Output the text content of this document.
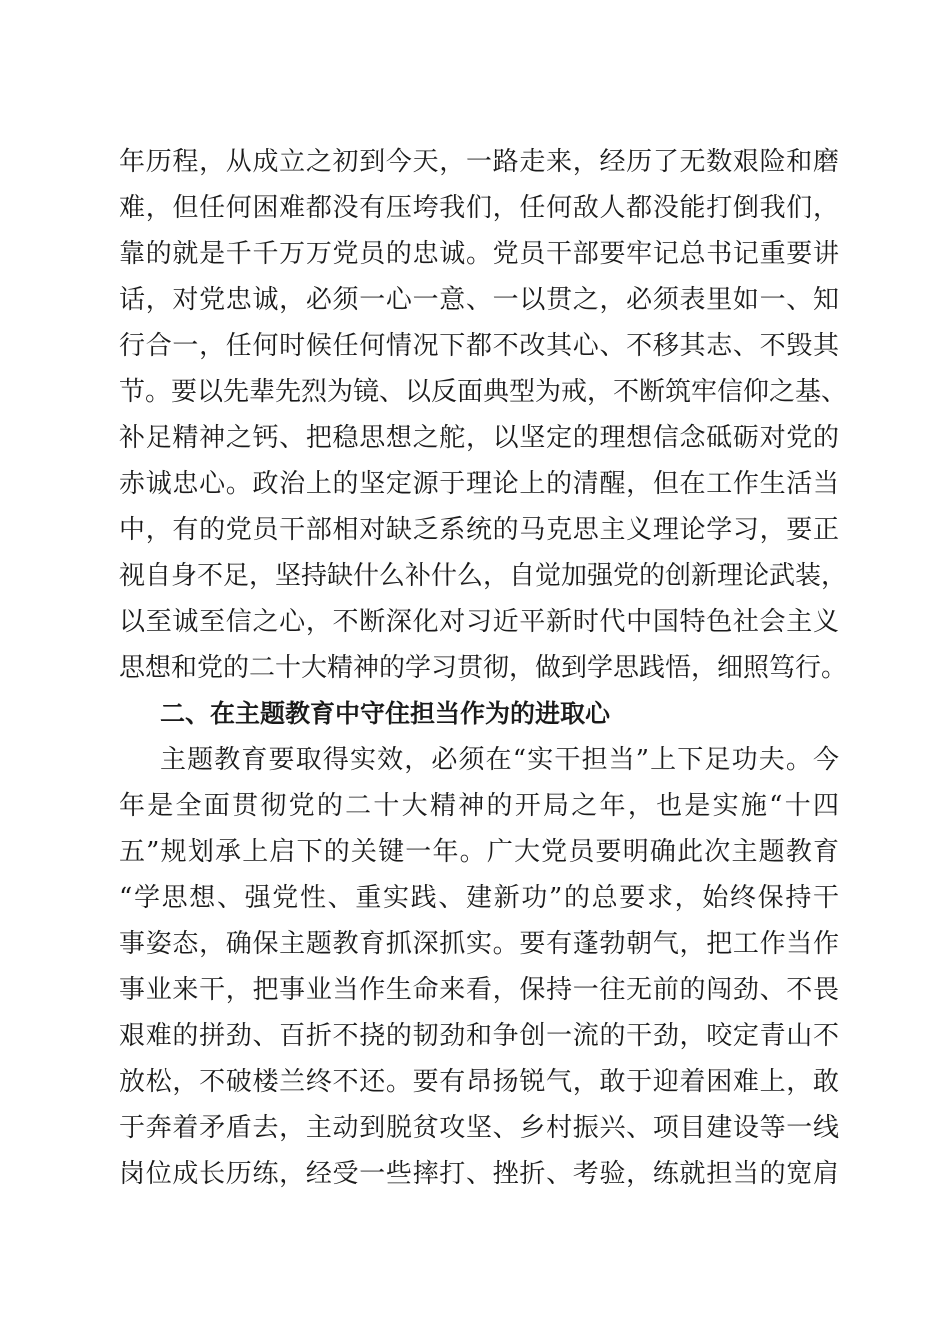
年历程，从成立之初到今天，一路走来，经历了无数艰险和磨
难，但任何困难都没有压垮我们，任何敌人都没能打倒我们，
靠的就是千千万万党员的忠诚。党员干部要牢记总书记重要讲
话，对党忠诚，必须一心一意、一以贯之，必须表里如一、知
行合一，任何时候任何情况下都不改其心、不移其志、不毁其
节。要以先辈先烈为镜、以反面典型为戒，不断筑牢信仰之基、
补足精神之钙、把稳思想之舵，以坚定的理想信念砥砺对党的
赤诚忠心。政治上的坚定源于理论上的清醒，但在工作生活当
中，有的党员干部相对缺乏系统的马克思主义理论学习，要正
视自身不足，坚持缺什么补什么，自觉加强党的创新理论武装，
以至诚至信之心，不断深化对习近平新时代中国特色社会主义
思想和党的二十大精神的学习贯彻，做到学思践悟，细照笃行。
二、在主题教育中守住担当作为的进取心
主题教育要取得实效，必须在“实干担当”上下足功夫。今
年是全面贯彻党的二十大精神的开局之年，也是实施“十四
五”规划承上启下的关键一年。广大党员要明确此次主题教育
“学思想、强党性、重实践、建新功”的总要求，始终保持干
事姿态，确保主题教育抓深抓实。要有蓬勃朝气，把工作当作
事业来干，把事业当作生命来看，保持一往无前的闯劲、不畏
艰难的拼劲、百折不挠的韧劲和争创一流的干劲，咬定青山不
放松，不破楼兰终不还。要有昂扬锐气，敢于迎着困难上，敢
于奔着矛盾去，主动到脱贫攻坚、乡村振兴、项目建设等一线
岗位成长历练，经受一些摔打、挫折、考验，练就担当的宽肩
